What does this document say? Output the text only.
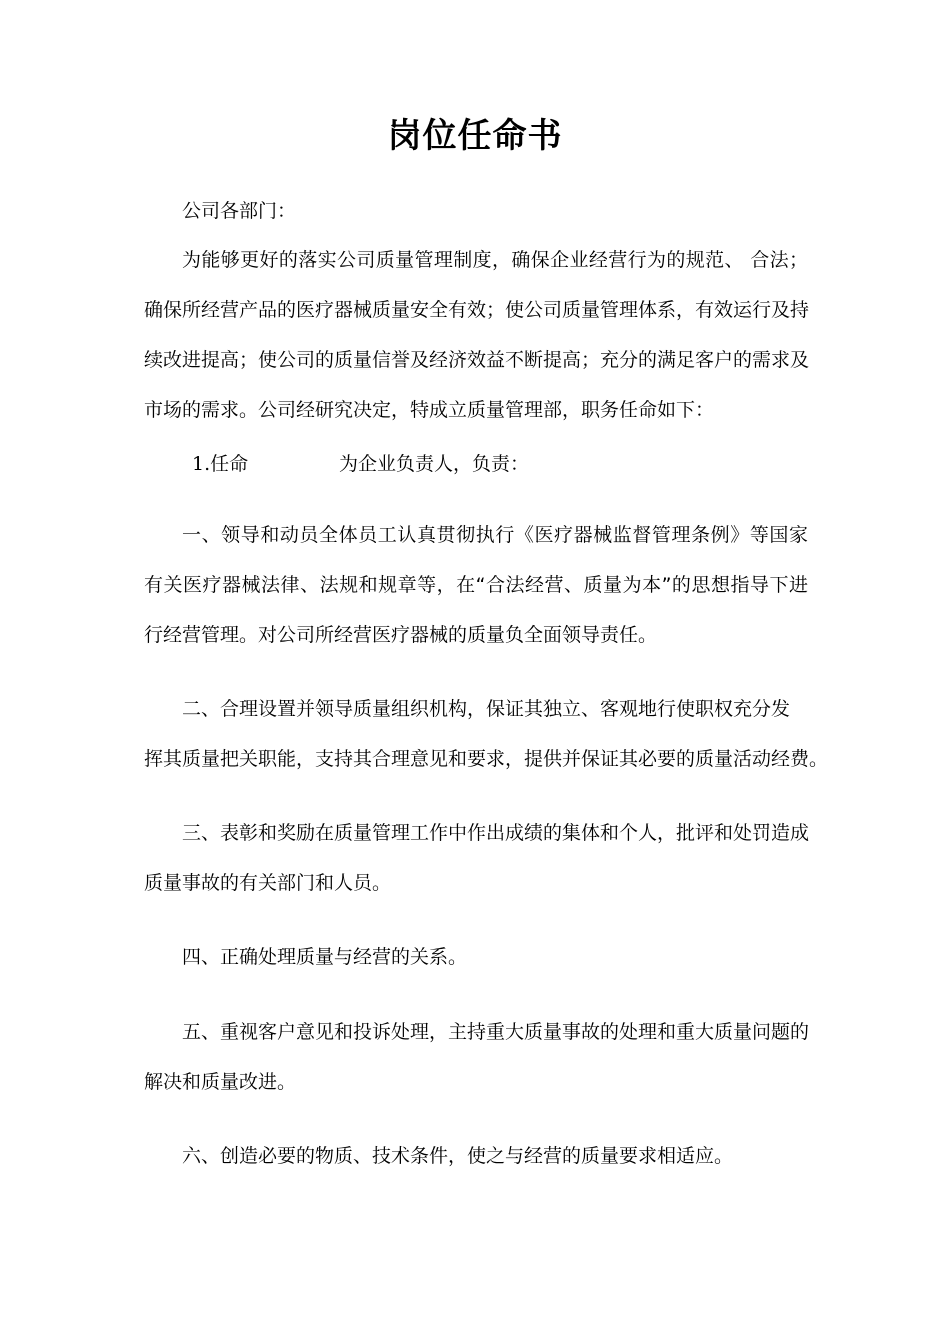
岗位任命书
公司各部门：
为能够更好的落实公司质量管理制度，确保企业经营行为的规范、 合法；
确保所经营产品的医疗器械质量安全有效；使公司质量管理体系，有效运行及持
续改进提高；使公司的质量信誉及经济效益不断提高；充分的满足客户的需求及
市场的需求。公司经研究决定，特成立质量管理部，职务任命如下：
1.任命	为企业负责人，负责：
一、领导和动员全体员工认真贯彻执行《医疗器械监督管理条例》等国家
有关医疗器械法律、法规和规章等，在“合法经营、质量为本”的思想指导下进
行经营管理。对公司所经营医疗器械的质量负全面领导责任。
二、合理设置并领导质量组织机构，保证其独立、客观地行使职权充分发
挥其质量把关职能，支持其合理意见和要求，提供并保证其必要的质量活动经费。
三、表彰和奖励在质量管理工作中作出成绩的集体和个人，批评和处罚造成
质量事故的有关部门和人员。
四、正确处理质量与经营的关系。
五、重视客户意见和投诉处理，主持重大质量事故的处理和重大质量问题的
解决和质量改进。
六、创造必要的物质、技术条件，使之与经营的质量要求相适应。
